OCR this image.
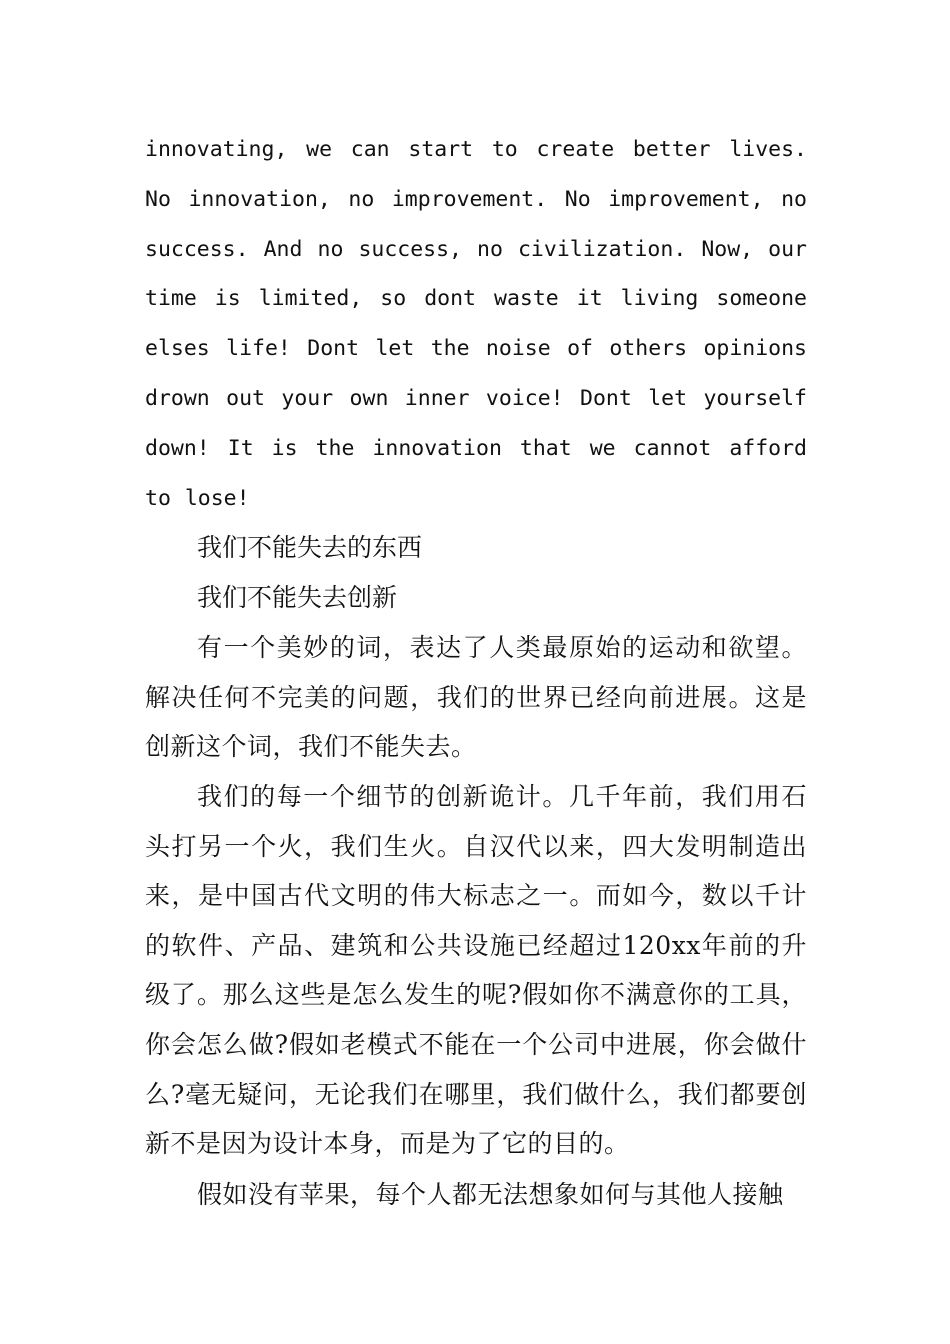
innovating, we can start to create better lives. No innovation, no improvement. No improvement, no success. And no success, no civilization. Now, our time is limited, so dont waste it living someone elses life! Dont let the noise of others opinions drown out your own inner voice! Dont let yourself down! It is the innovation that we cannot afford to lose!

我们不能失去的东西

我们不能失去创新

有一个美妙的词，表达了人类最原始的运动和欲望。解决任何不完美的问题，我们的世界已经向前进展。这是创新这个词，我们不能失去。

我们的每一个细节的创新诡计。几千年前，我们用石头打另一个火，我们生火。自汉代以来，四大发明制造出来，是中国古代文明的伟大标志之一。而如今，数以千计的软件、产品、建筑和公共设施已经超过120xx年前的升级了。那么这些是怎么发生的呢?假如你不满意你的工具，你会怎么做?假如老模式不能在一个公司中进展，你会做什么?毫无疑问，无论我们在哪里，我们做什么，我们都要创新不是因为设计本身，而是为了它的目的。

假如没有苹果，每个人都无法想象如何与其他人接触
